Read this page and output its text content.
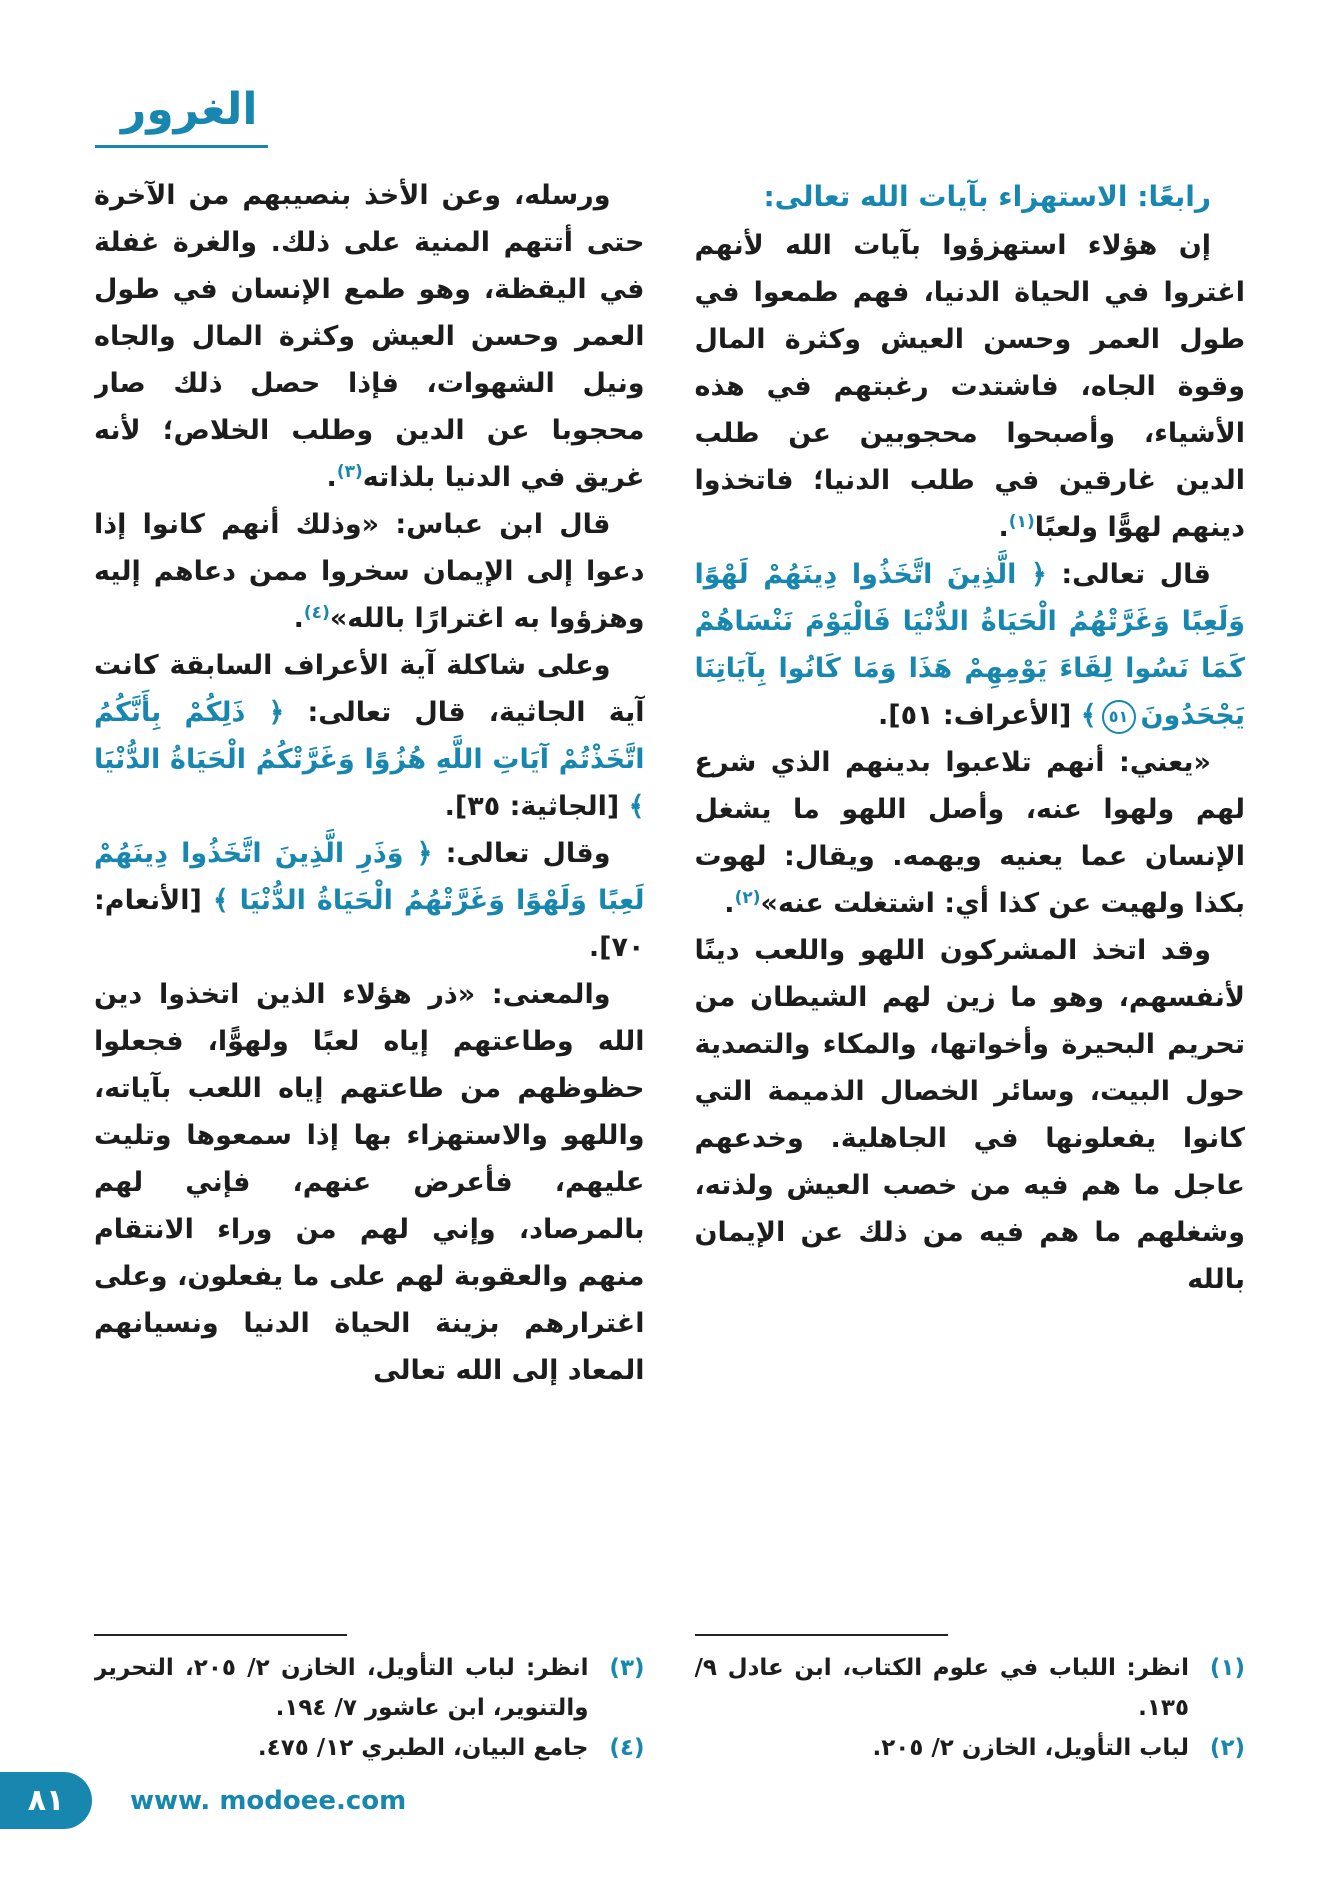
الغرور
رابعًا: الاستهزاء بآيات الله تعالى:

إن هؤلاء استهزؤوا بآيات الله لأنهم اغتروا في الحياة الدنيا، فهم طمعوا في طول العمر وحسن العيش وكثرة المال وقوة الجاه، فاشتدت رغبتهم في هذه الأشياء، وأصبحوا محجوبين عن طلب الدين غارقين في طلب الدنيا؛ فاتخذوا دينهم لهوًّا ولعبًا$^{(١)}$.

قال تعالى: ﴿ الَّذِينَ اتَّخَذُوا دِينَهُمْ لَهْوًا وَلَعِبًا وَغَرَّتْهُمُ الْحَيَاةُ الدُّنْيَا فَالْيَوْمَ نَنْسَاهُمْ كَمَا نَسُوا لِقَاءَ يَوْمِهِمْ هَذَا وَمَا كَانُوا بِآيَاتِنَا يَجْحَدُونَ٥١﴾ [الأعراف: ٥١].

«يعني: أنهم تلاعبوا بدينهم الذي شرع لهم ولهوا عنه، وأصل اللهو ما يشغل الإنسان عما يعنيه ويهمه. ويقال: لهوت بكذا ولهيت عن كذا أي: اشتغلت عنه»$^{(٢)}$.

وقد اتخذ المشركون اللهو واللعب دينًا لأنفسهم، وهو ما زين لهم الشيطان من تحريم البحيرة وأخواتها، والمكاء والتصدية حول البيت، وسائر الخصال الذميمة التي كانوا يفعلونها في الجاهلية. وخدعهم عاجل ما هم فيه من خصب العيش ولذته، وشغلهم ما هم فيه من ذلك عن الإيمان بالله

(١)
انظر: اللباب في علوم الكتاب، ابن عادل ٩/ ١٣٥.
(٢)
لباب التأويل، الخازن ٢/ ٢٠٥.

ورسله، وعن الأخذ بنصيبهم من الآخرة حتى أتتهم المنية على ذلك. والغرة غفلة في اليقظة، وهو طمع الإنسان في طول العمر وحسن العيش وكثرة المال والجاه ونيل الشهوات، فإذا حصل ذلك صار محجوبا عن الدين وطلب الخلاص؛ لأنه غريق في الدنيا بلذاته$^{(٣)}$.

قال ابن عباس: «وذلك أنهم كانوا إذا دعوا إلى الإيمان سخروا ممن دعاهم إليه وهزؤوا به اغترارًا بالله»$^{(٤)}$.

وعلى شاكلة آية الأعراف السابقة كانت آية الجاثية، قال تعالى: ﴿ ذَلِكُمْ بِأَنَّكُمُ اتَّخَذْتُمْ آيَاتِ اللَّهِ هُزُوًا وَغَرَّتْكُمُ الْحَيَاةُ الدُّنْيَا ﴾ [الجاثية: ٣٥].

وقال تعالى: ﴿ وَذَرِ الَّذِينَ اتَّخَذُوا دِينَهُمْ لَعِبًا وَلَهْوًا وَغَرَّتْهُمُ الْحَيَاةُ الدُّنْيَا ﴾ [الأنعام: ٧٠].

والمعنى: «ذر هؤلاء الذين اتخذوا دين الله وطاعتهم إياه لعبًا ولهوًّا، فجعلوا حظوظهم من طاعتهم إياه اللعب بآياته، واللهو والاستهزاء بها إذا سمعوها وتليت عليهم، فأعرض عنهم، فإني لهم بالمرصاد، وإني لهم من وراء الانتقام منهم والعقوبة لهم على ما يفعلون، وعلى اغترارهم بزينة الحياة الدنيا ونسيانهم المعاد إلى الله تعالى

(٣)
انظر: لباب التأويل، الخازن ٢/ ٢٠٥، التحرير والتنوير، ابن عاشور ٧/ ١٩٤.
(٤)
جامع البيان، الطبري ١٢/ ٤٧٥.
٨١	www. modoee.com
